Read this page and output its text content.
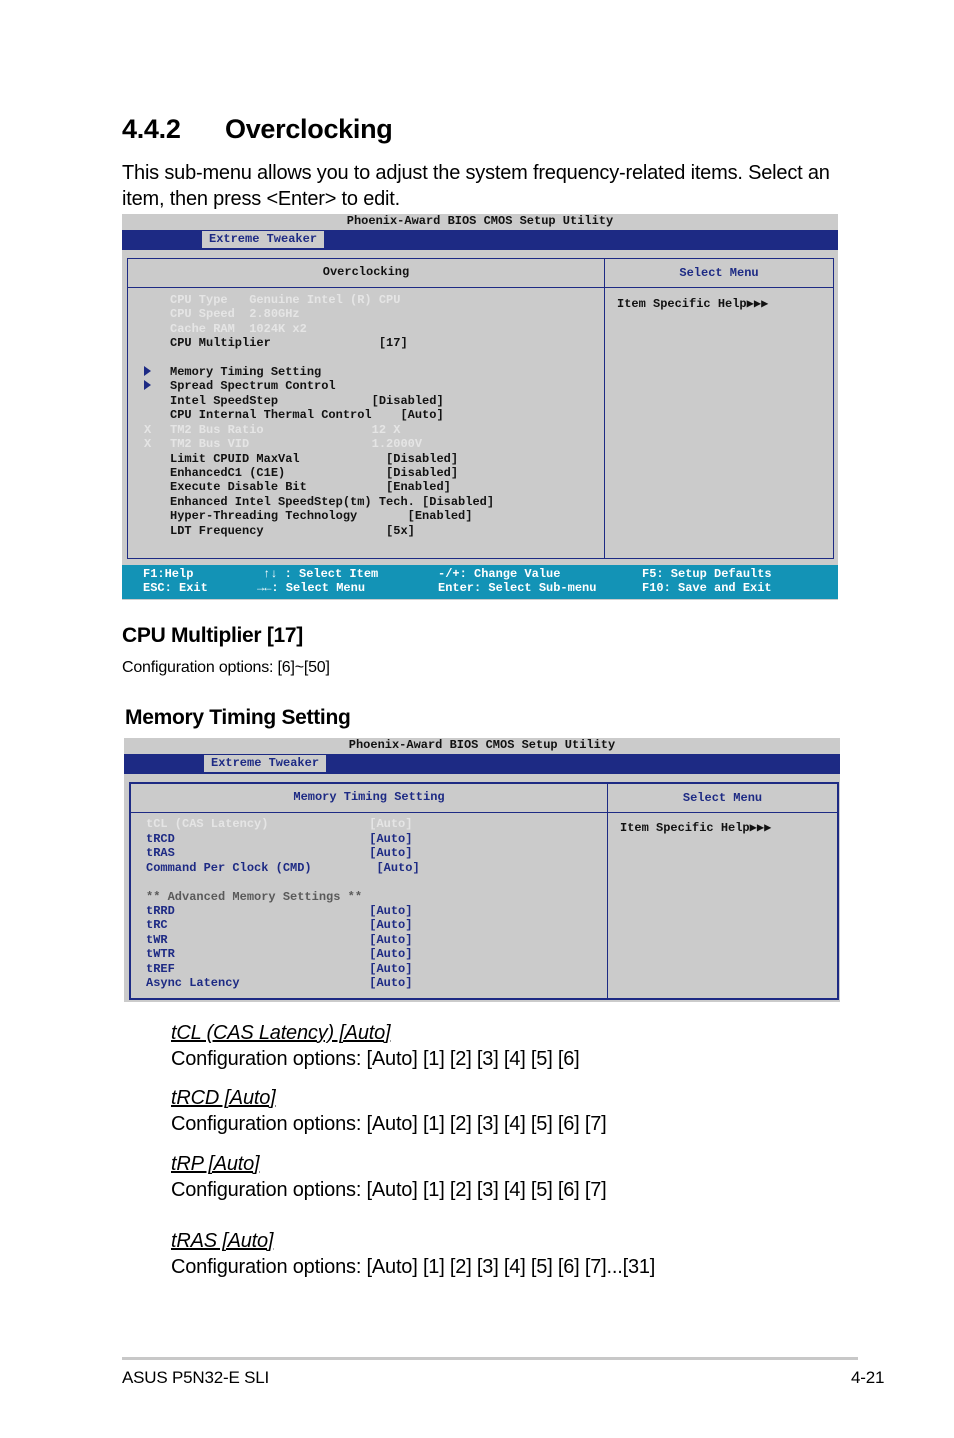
4.4.2 Overclocking

This sub-menu allows you to adjust the system frequency-related items. Select an item, then press <Enter> to edit.

Phoenix-Award BIOS CMOS Setup Utility
Extreme Tweaker
Overclocking	Select Menu
Item Specific Help▶▶▶
CPU Type   Genuine Intel (R) CPU
CPU Speed  2.80GHz
Cache RAM  1024K x2
CPU Multiplier               [17]
Memory Timing Setting
Spread Spectrum Control
Intel SpeedStep             [Disabled]
CPU Internal Thermal Control    [Auto]
X TM2 Bus Ratio               12 X
X TM2 Bus VID                 1.2000V
Limit CPUID MaxVal            [Disabled]
EnhancedC1 (C1E)              [Disabled]
Execute Disable Bit           [Enabled]
Enhanced Intel SpeedStep(tm) Tech. [Disabled]
Hyper-Threading Technology       [Enabled]
LDT Frequency                 [5x]
F1:Help
ESC: Exit
↑↓ : Select Item
→←: Select Menu
-/+: Change Value
Enter: Select Sub-menu
F5: Setup Defaults
F10: Save and Exit
CPU Multiplier [17]
Configuration options: [6]~[50]
Memory Timing Setting
Phoenix-Award BIOS CMOS Setup Utility
Extreme Tweaker
Memory Timing Setting	Select Menu
Item Specific Help▶▶▶
tCL (CAS Latency)              [Auto]
tRCD                           [Auto]
tRAS                           [Auto]
Command Per Clock (CMD)         [Auto]
** Advanced Memory Settings **
tRRD                           [Auto]
tRC                            [Auto]
tWR                            [Auto]
tWTR                           [Auto]
tREF                           [Auto]
Async Latency                  [Auto]
tCL (CAS Latency) [Auto]
Configuration options: [Auto] [1] [2] [3] [4] [5] [6]
tRCD [Auto]
Configuration options: [Auto] [1] [2] [3] [4] [5] [6] [7]
tRP [Auto]
Configuration options: [Auto] [1] [2] [3] [4] [5] [6] [7]
tRAS [Auto]
Configuration options: [Auto] [1] [2] [3] [4] [5] [6] [7]...[31]
ASUS P5N32-E SLI	4-21
